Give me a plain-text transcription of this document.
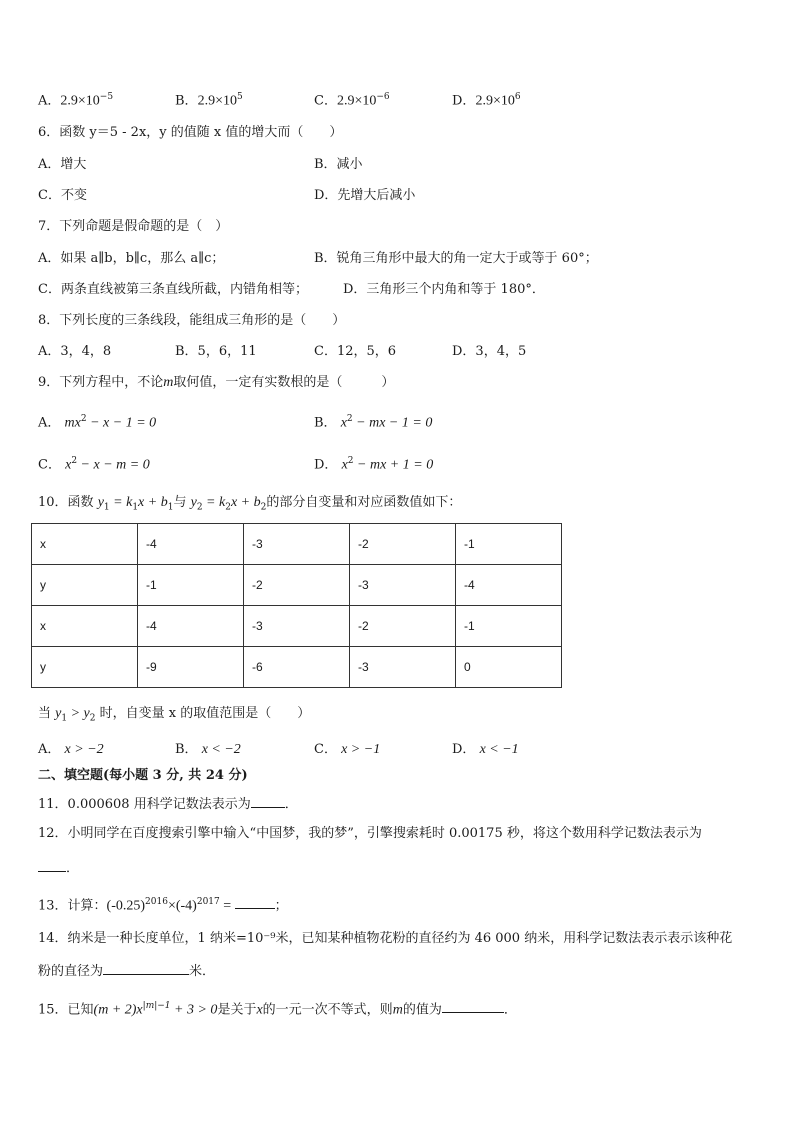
A．$2.9\times 10^{-5}$	B．$2.9\times 10^5$	C．$2.9\times 10^{-6}$	D．$2.9\times 10^6$
6．函数 y＝5 - 2x，y 的值随 x 值的增大而（　　）
A．增大	B．减小
C．不变	D．先增大后减小
7．下列命题是假命题的是（　）
A．如果 a∥b，b∥c，那么 a∥c；	B．锐角三角形中最大的角一定大于或等于 60°；
C．两条直线被第三条直线所截，内错角相等；	D．三角形三个内角和等于 180°．
8．下列长度的三条线段，能组成三角形的是（　　）
A．3，4，8	B．5，6，11	C．12，5，6	D．3，4，5
9．下列方程中，不论m取何值，一定有实数根的是（　　　）
A． $mx^2 - x - 1 = 0$	B． $x^2$ − mx − 1 = 0
C． $x^2 - x - m = 0$	D． $x^2$ − mx + 1 = 0
10．函数 $y_1 = k_1x + b_1$与 $y_2 = k_2x + b_2$的部分自变量和对应函数值如下：
x	-4	-3	-2	-1
y	-1	-2	-3	-4
x	-4	-3	-2	-1
y	-9	-6	-3	0
当 $y_1 > y_2$ 时，自变量 x 的取值范围是（　　）
A． x > −2	B． x < −2	C． x > −1	D． x < −1
二、填空题(每小题 3 分, 共 24 分)
11．0.000608 用科学记数法表示为	．
12．小明同学在百度搜索引擎中输入“中国梦，我的梦”，引擎搜索耗时 0.00175 秒，将这个数用科学记数法表示为
．
13．计算：$(-0.25)^{2016}\times(-4)^{2017}$ =	；
14．纳米是一种长度单位，1 纳米=10⁻⁹米，已知某种植物花粉的直径约为 46 000 纳米，用科学记数法表示表示该种花
粉的直径为	米．
15．已知$(m + 2)x^{|m|-1} + 3 > 0$是关于x的一元一次不等式，则m的值为	．
